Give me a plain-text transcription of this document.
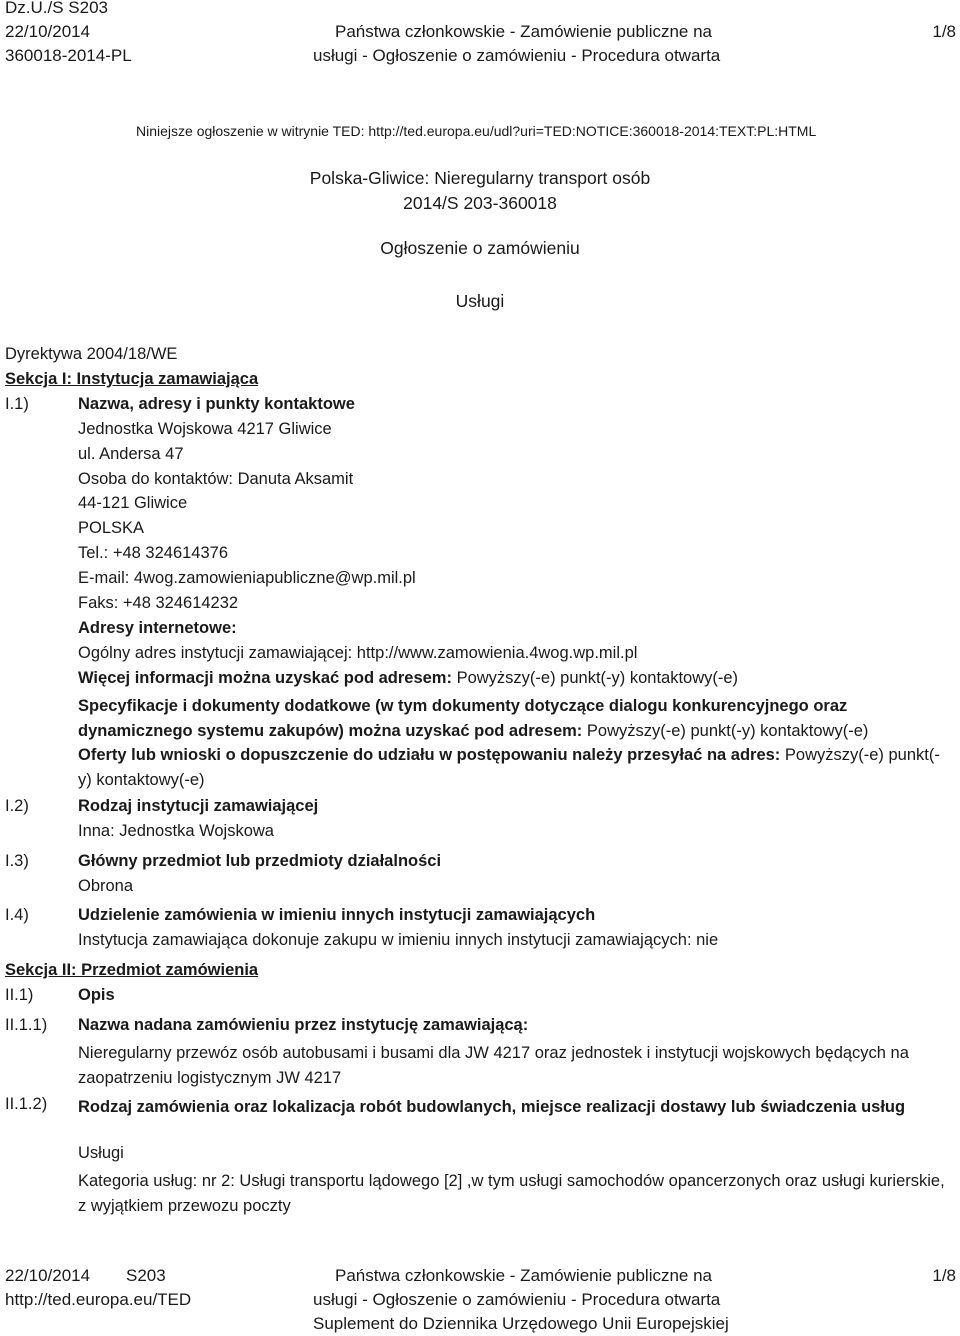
Dz.U./S S203
22/10/2014
360018-2014-PL
Państwa członkowskie - Zamówienie publiczne na
usługi - Ogłoszenie o zamówieniu - Procedura otwarta
1/8
Niniejsze ogłoszenie w witrynie TED: http://ted.europa.eu/udl?uri=TED:NOTICE:360018-2014:TEXT:PL:HTML
Polska-Gliwice: Nieregularny transport osób
2014/S 203-360018
Ogłoszenie o zamówieniu
Usługi
Dyrektywa 2004/18/WE
Sekcja I: Instytucja zamawiająca
I.1)	Nazwa, adresy i punkty kontaktowe
Jednostka Wojskowa 4217 Gliwice
ul. Andersa 47
Osoba do kontaktów: Danuta Aksamit
44-121 Gliwice
POLSKA
Tel.: +48 324614376
E-mail: 4wog.zamowieniapubliczne@wp.mil.pl
Faks: +48 324614232
Adresy internetowe:
Ogólny adres instytucji zamawiającej: http://www.zamowienia.4wog.wp.mil.pl
Więcej informacji można uzyskać pod adresem: Powyższy(-e) punkt(-y) kontaktowy(-e)
Specyfikacje i dokumenty dodatkowe (w tym dokumenty dotyczące dialogu konkurencyjnego oraz dynamicznego systemu zakupów) można uzyskać pod adresem: Powyższy(-e) punkt(-y) kontaktowy(-e)
Oferty lub wnioski o dopuszczenie do udziału w postępowaniu należy przesyłać na adres: Powyższy(-e) punkt(-y) kontaktowy(-e)
I.2)	Rodzaj instytucji zamawiającej
Inna: Jednostka Wojskowa
I.3)	Główny przedmiot lub przedmioty działalności
Obrona
I.4)	Udzielenie zamówienia w imieniu innych instytucji zamawiających
Instytucja zamawiająca dokonuje zakupu w imieniu innych instytucji zamawiających: nie
Sekcja II: Przedmiot zamówienia
II.1)	Opis
II.1.1) Nazwa nadana zamówieniu przez instytucję zamawiającą:
Nieregularny przewóz osób autobusami i busami dla JW 4217 oraz jednostek i instytucji wojskowych będących na zaopatrzeniu logistycznym JW 4217
II.1.2) Rodzaj zamówienia oraz lokalizacja robót budowlanych, miejsce realizacji dostawy lub świadczenia usług
Usługi
Kategoria usług: nr 2: Usługi transportu lądowego [2] ,w tym usługi samochodów opancerzonych oraz usługi kurierskie, z wyjątkiem przewozu poczty
22/10/2014 S203
http://ted.europa.eu/TED
Państwa członkowskie - Zamówienie publiczne na
usługi - Ogłoszenie o zamówieniu - Procedura otwarta
Suplement do Dziennika Urzędowego Unii Europejskiej
1/8
